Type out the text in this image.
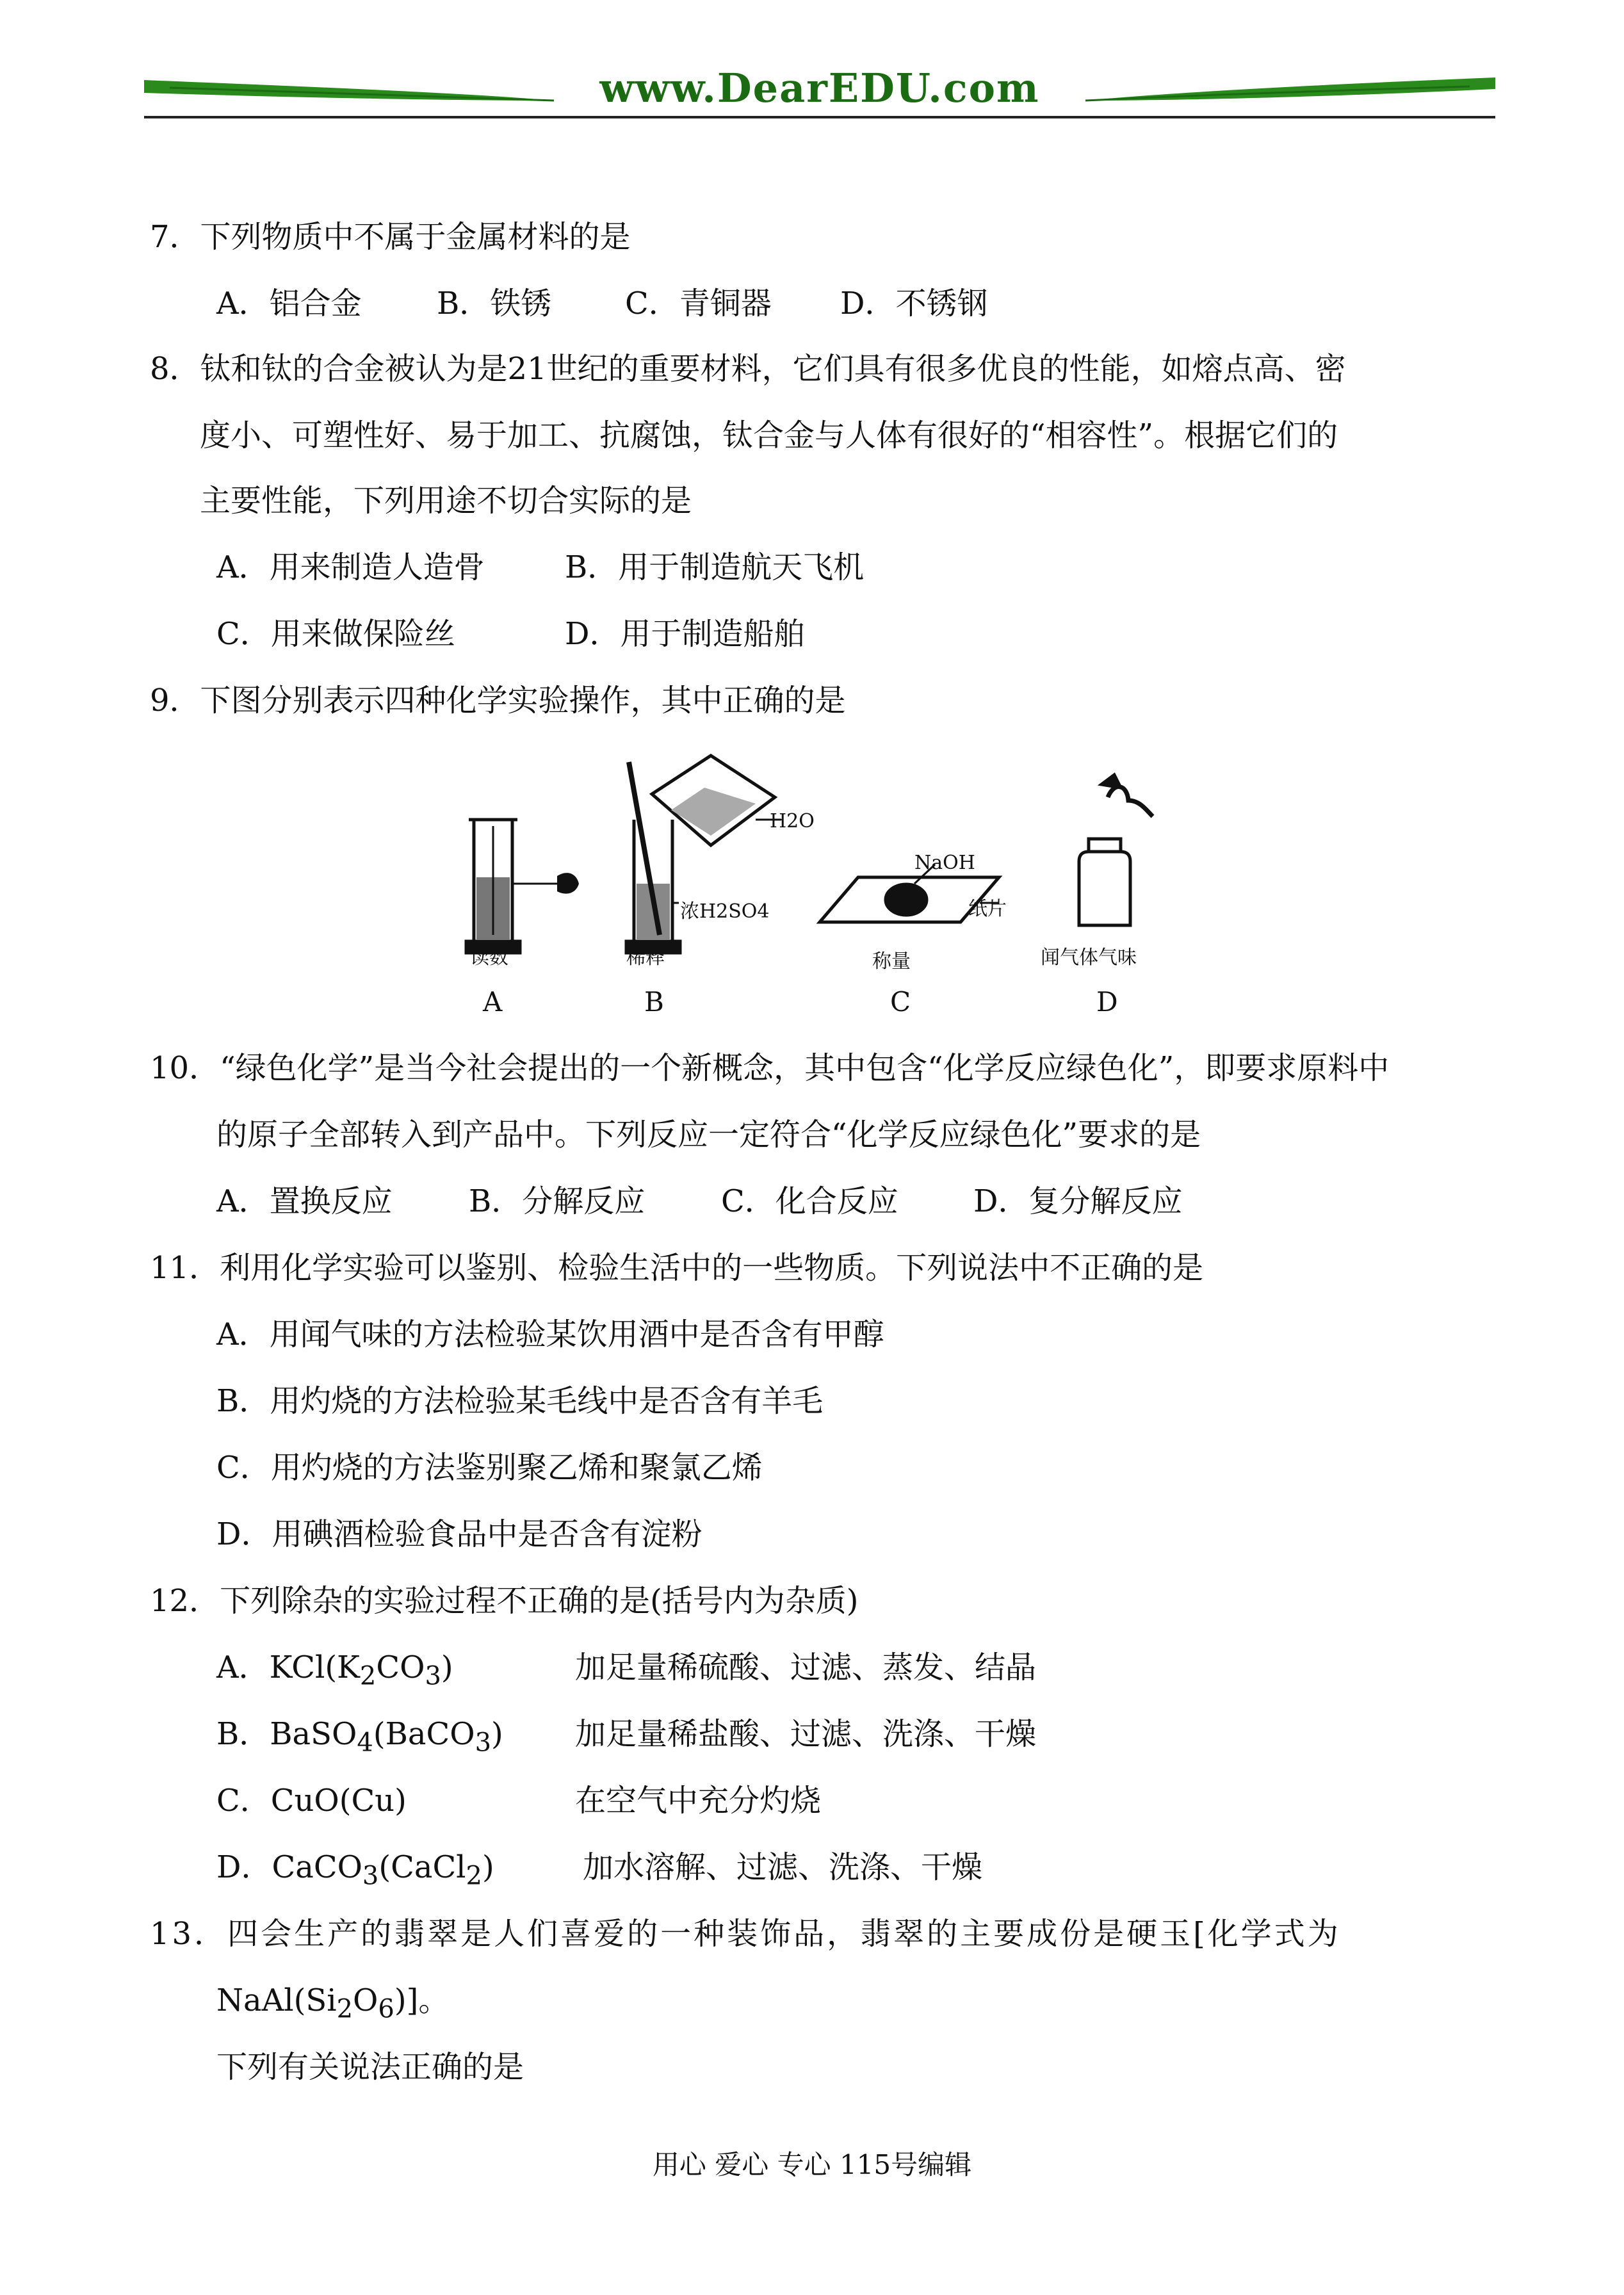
www.DearEDU.com
7．下列物质中不属于金属材料的是
A．铝合金 B．铁锈 C．青铜器 D．不锈钢
8．钛和钛的合金被认为是21世纪的重要材料，它们具有很多优良的性能，如熔点高、密
度小、可塑性好、易于加工、抗腐蚀，钛合金与人体有很好的“相容性”。根据它们的
主要性能，下列用途不切合实际的是
A．用来制造人造骨	B．用于制造航天飞机
C．用来做保险丝	D．用于制造船舶
9．下图分别表示四种化学实验操作，其中正确的是
H2O
浓H2SO4
NaOH
纸片
读数	稀释	称量	闻气体气味
A	B	C	D
10．“绿色化学”是当今社会提出的一个新概念，其中包含“化学反应绿色化”，即要求原料中
的原子全部转入到产品中。下列反应一定符合“化学反应绿色化”要求的是
A．置换反应 B．分解反应 C．化合反应 D．复分解反应
11．利用化学实验可以鉴别、检验生活中的一些物质。下列说法中不正确的是
A．用闻气味的方法检验某饮用酒中是否含有甲醇
B．用灼烧的方法检验某毛线中是否含有羊毛
C．用灼烧的方法鉴别聚乙烯和聚氯乙烯
D．用碘酒检验食品中是否含有淀粉
12．下列除杂的实验过程不正确的是(括号内为杂质)
A．$KCl(K_2CO_3)$	加足量稀硫酸、过滤、蒸发、结晶
B．BaSO$_4$(BaCO$_3$) 加足量稀盐酸、过滤、洗涤、干燥
C．CuO(Cu)	在空气中充分灼烧
D．CaCO$_3$(CaCl$_2$)	加水溶解、过滤、洗涤、干燥
13．四会生产的翡翠是人们喜爱的一种装饰品，翡翠的主要成份是硬玉[化学式为
$NaAl(Si_2O_6)$]。
下列有关说法正确的是
用心 爱心 专心 115号编辑
